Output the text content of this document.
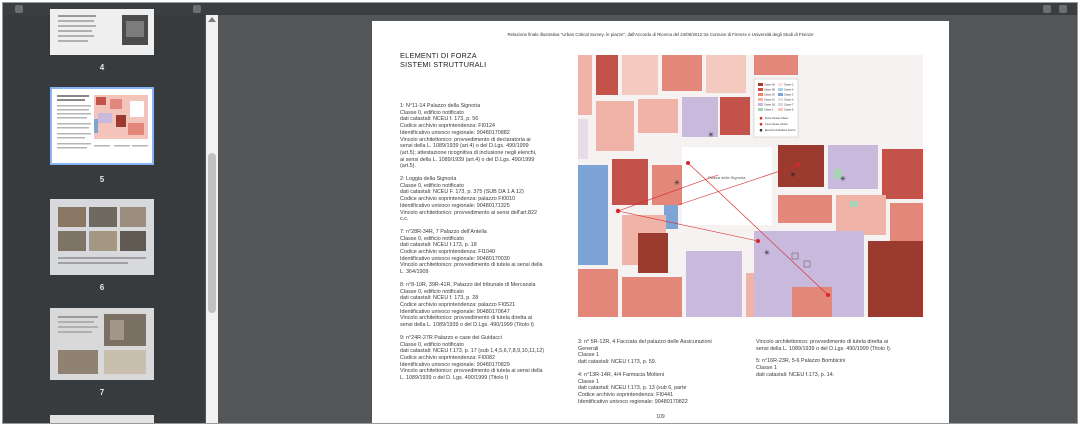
4
5
6
7
Relazione finale illustrativa "Urban Critical Survey: le piazze", dall'Accordo di Ricerca del 24/06/2012 tra Comune di Firenze e Università degli Studi di Firenze
ELEMENTI DI FORZA
SISTEMI STRUTTURALI
1: N°11-14 Palazzo della Signoria
Classe 0, edificio notificato
dati catastali: NCEU f. 173, p. 56
Codice archivio soprintendenza: FI0124
Identificativo univoco regionale: 90480170882
Vincolo architettonico: provvedimento di declaratoria ai
sensi della L. 1089/1939 (art.4) o del D.Lgs. 490/1999
(art.5); attestazione ricognitiva di inclusione negli elenchi,
ai sensi della L. 1089/1939 (art.4) o del D.Lgs. 490/1999
(art.5).
2: Loggia della Signoria
Classe 0, edificio notificato
dati catastali: NCEU F. 173, p. 375 (SUB DA 1 A 12)
Codice archivio soprintendenza: palazzo FI0010
Identificativo univoco regionale: 90480171325
Vincolo architettonico: provvedimento ai sensi dell'art.822
c.c.
7: n°28R-34R, 7 Palazzo dell'Antella
Classe 0, edificio notificato
dati catastali: NCEU f.173, p. 18
Codice archivio soprintendenza: FI1040
Identificativo univoco regionale: 90480170030
Vincolo architettonico: provvedimento di tutela ai sensi della
L. 364/1909
8: n°8-10R, 39R-41R, Palazzo del tribunale di Mercanzia
Classe 0, edificio notificato
dati catastali: NCEU f. 173, p. 28
Codice archivio soprintendenza: palazzo FI0521
Identificativo univoco regionale: 90480170647
Vincolo architettonico: provvedimento di tutela diretta ai
sensi della L. 1089/1939 o del D.Lgs. 490/1999 (Titolo I)
9: n°24R-27R Palazzo e case dei Guidacci
Classe 0, edificio notificato
dati catastali: NCEU f.173, p. 17 (sub 1,4,5,6,7,8,9,10,11,12)
Codice archivio soprintendenza: FI0082
Identificativo univoco regionale: 90480170829
Vincolo architettonico: provvedimento di tutela ai sensi della
L. 1089/1939 o del D. Lgs. 490/1999 (Titolo I)
3: n° 5R-12R, 4 Facciata del palazzo delle Assicurazioni
Generali
Classe 1
dati catastali: NCEU f.173, p. 59.
4: n°13R-14R, 4/4 Farmacia Molteni
Classe 1
dati catastali: NCEU f.173, p. 13 (sub 6, parte
Codice archivio soprintendenza: FI0441
Identificativo univoco regionale: 90480170822
Vincolo architettonico: provvedimento di tutela diretta ai
sensi della L. 1089/1939 o del D.Lgs. 490/1999 (Titolo I).
5: n°16R-23R, 5-6 Palazzo Bombicini
Classe 1
dati catastali: NCEU f.173, p. 14.
Piazza della Signoria
✳
✳
✳	✳
✳
Classe 0A
Classe 0B
Classe 0C
Classe 1A
Classe 1B
Classe 2
Classe 3
Classe 4
Classe 5
Classe 6
Classe 7
Classe 8
Punto Visuale Urbano
Cono Visuale Urbano
Elementi di Attrattore Storico
109
